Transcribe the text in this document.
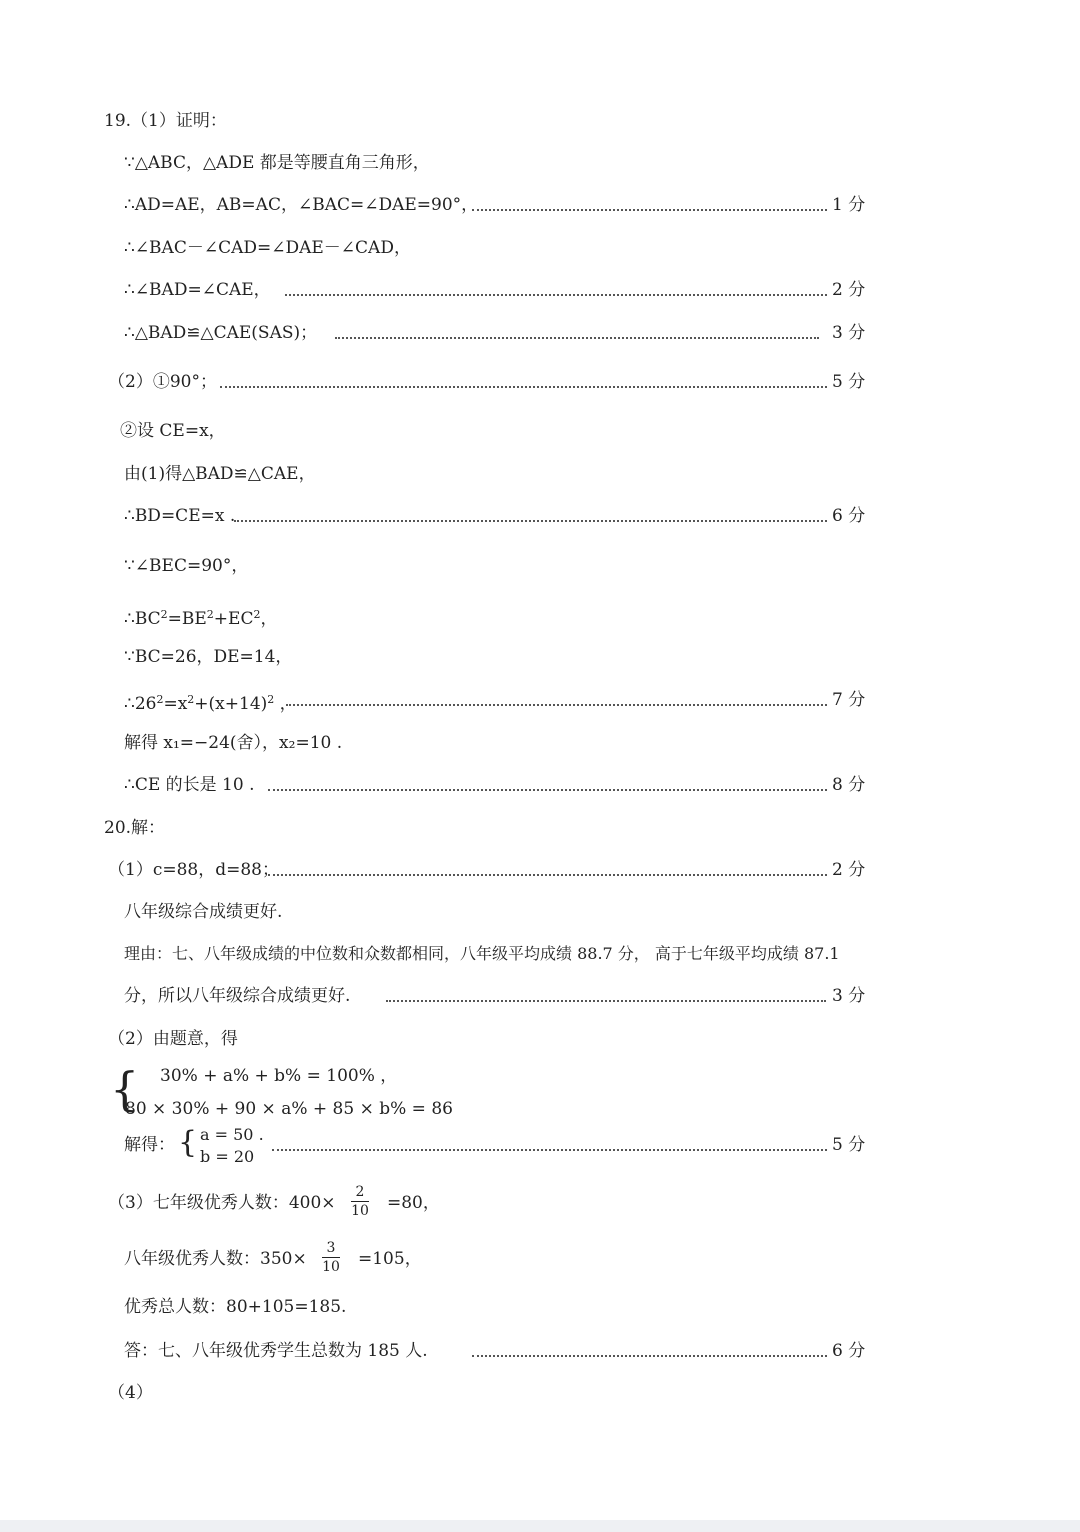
19.（1）证明：
∵△ABC，△ADE 都是等腰直角三角形，
∴AD=AE，AB=AC，∠BAC=∠DAE=90°，	1 分
∴∠BAC－∠CAD=∠DAE－∠CAD，
∴∠BAD=∠CAE，	2 分
∴△BAD≌△CAE(SAS)；	3 分
（2）①90°；	5 分
②设 CE=x，
由(1)得△BAD≌△CAE，
∴BD=CE=x .	6 分
∵∠BEC=90°，
$\therefore BC^2=BE^2+EC^2$，
∵BC=26，DE=14，
$\therefore 26^2=x^2+(x+14)^2$ ，	7 分
解得 x₁=−24(舍），x₂=10 .
∴CE 的长是 10 .	8 分
20.解：
（1）c=88，d=88；	2 分
八年级综合成绩更好.
理由：七、八年级成绩的中位数和众数都相同，八年级平均成绩 88.7 分， 高于七年级平均成绩 87.1
分，所以八年级综合成绩更好.	3 分
（2）由题意，得
{ 30% + a% + b% = 100% ，
80 × 30% + 90 × a% + 85 × b% = 86
解得：	5 分
{ a = 50 .
b = 20
（3）七年级优秀人数：400×	=80，
2
10
八年级优秀人数：350×	=105，
3
10
优秀总人数：80+105=185.
答：七、八年级优秀学生总数为 185 人.	6 分
（4）
